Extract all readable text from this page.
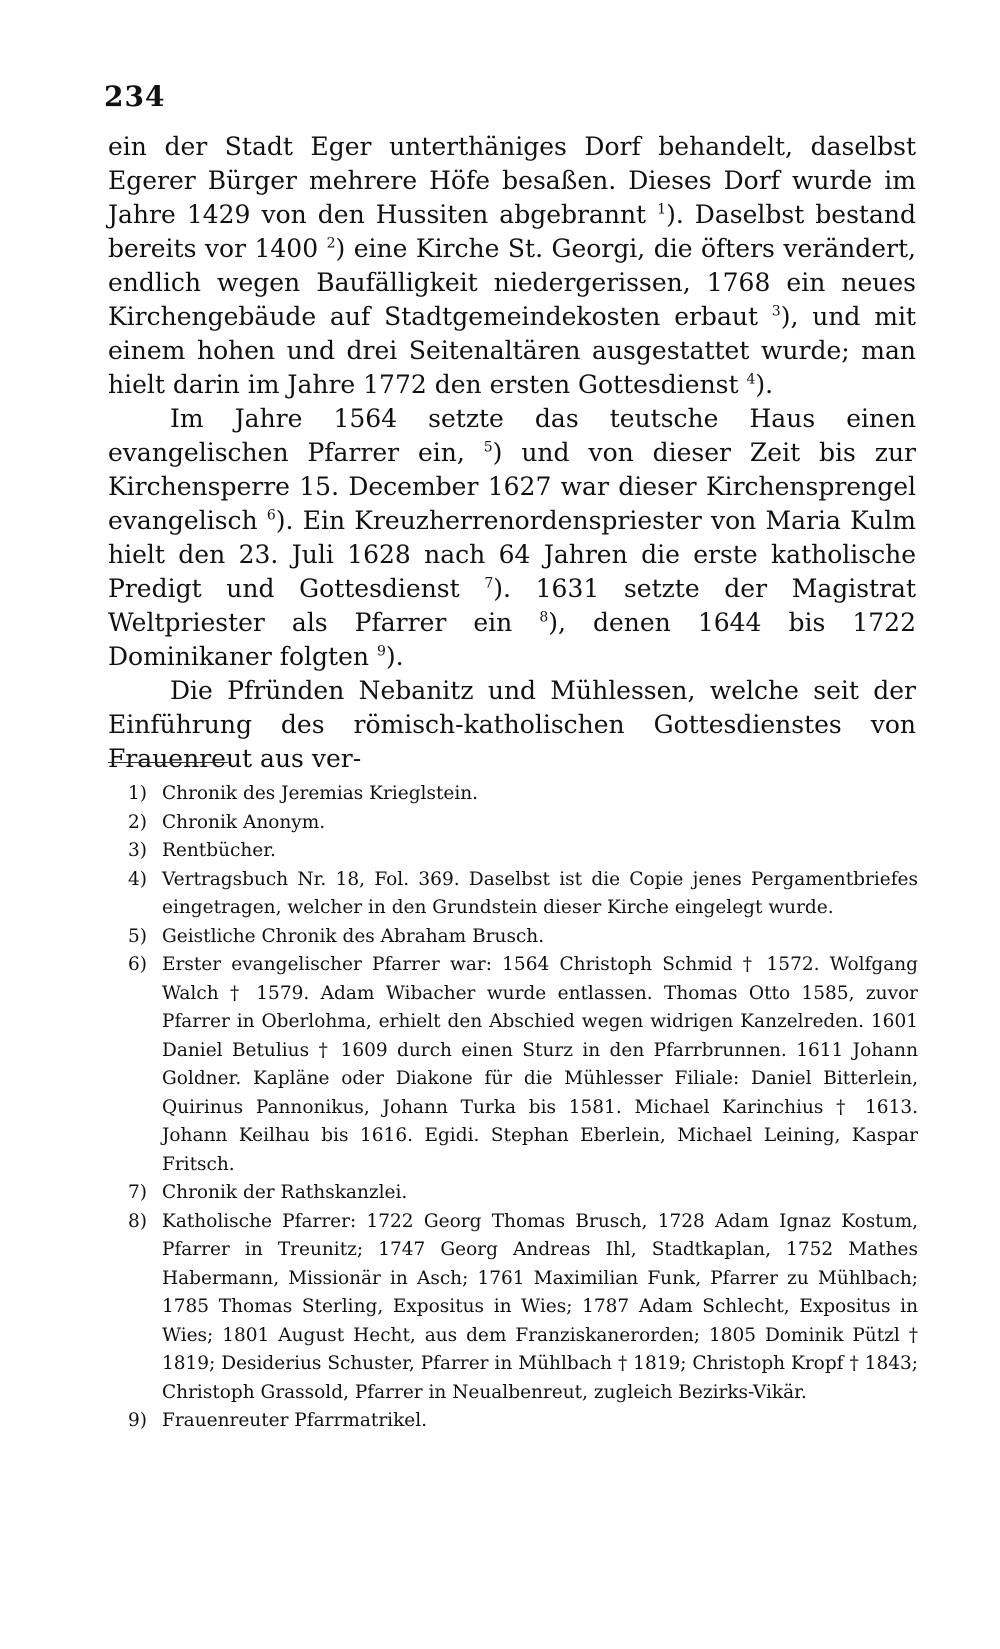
234

ein der Stadt Eger unterthäniges Dorf behandelt, daselbst Egerer Bürger mehrere Höfe besaßen. Dieses Dorf wurde im Jahre 1429 von den Hussiten abgebrannt $^1$). Daselbst bestand bereits vor 1400 $^2$) eine Kirche St. Georgi, die öfters verändert, endlich wegen Baufälligkeit niedergerissen, 1768 ein neues Kirchengebäude auf Stadtgemeindekosten erbaut $^3$), und mit einem hohen und drei Seitenaltären ausgestattet wurde; man hielt darin im Jahre 1772 den ersten Gottesdienst $^4$).

Im Jahre 1564 setzte das teutsche Haus einen evangelischen Pfarrer ein, $^5$) und von dieser Zeit bis zur Kirchensperre 15. December 1627 war dieser Kirchensprengel evangelisch $^6$). Ein Kreuzherrenordenspriester von Maria Kulm hielt den 23. Juli 1628 nach 64 Jahren die erste katholische Predigt und Gottesdienst $^7$). 1631 setzte der Magistrat Weltpriester als Pfarrer ein $^8$), denen 1644 bis 1722 Dominikaner folgten $^9$).

Die Pfründen Nebanitz und Mühlessen, welche seit der Einführung des römisch-katholischen Gottesdienstes von Frauenreut aus ver-

1) Chronik des Jeremias Krieglstein.
2) Chronik Anonym.
3) Rentbücher.
4) Vertragsbuch Nr. 18, Fol. 369. Daselbst ist die Copie jenes Pergamentbriefes eingetragen, welcher in den Grundstein dieser Kirche eingelegt wurde.
5) Geistliche Chronik des Abraham Brusch.
6) Erster evangelischer Pfarrer war: 1564 Christoph Schmid † 1572. Wolfgang Walch † 1579. Adam Wibacher wurde entlassen. Thomas Otto 1585, zuvor Pfarrer in Oberlohma, erhielt den Abschied wegen widrigen Kanzelreden. 1601 Daniel Betulius † 1609 durch einen Sturz in den Pfarrbrunnen. 1611 Johann Goldner. Kapläne oder Diakone für die Mühlesser Filiale: Daniel Bitterlein, Quirinus Pannonikus, Johann Turka bis 1581. Michael Karinchius † 1613. Johann Keilhau bis 1616. Egidi. Stephan Eberlein, Michael Leining, Kaspar Fritsch.
7) Chronik der Rathskanzlei.
8) Katholische Pfarrer: 1722 Georg Thomas Brusch, 1728 Adam Ignaz Kostum, Pfarrer in Treunitz; 1747 Georg Andreas Ihl, Stadtkaplan, 1752 Mathes Habermann, Missionär in Asch; 1761 Maximilian Funk, Pfarrer zu Mühlbach; 1785 Thomas Sterling, Expositus in Wies; 1787 Adam Schlecht, Expositus in Wies; 1801 August Hecht, aus dem Franziskanerorden; 1805 Dominik Pützl † 1819; Desiderius Schuster, Pfarrer in Mühlbach † 1819; Christoph Kropf † 1843; Christoph Grassold, Pfarrer in Neualbenreut, zugleich Bezirks-Vikär.
9) Frauenreuter Pfarrmatrikel.
